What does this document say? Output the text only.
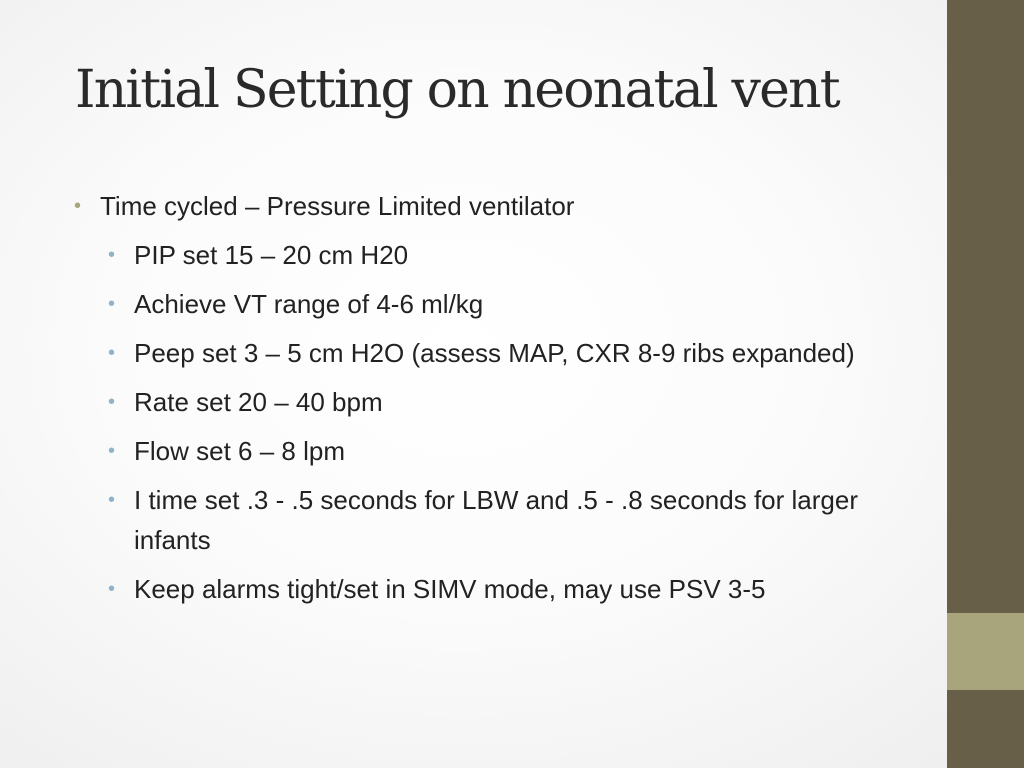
Initial Setting on neonatal vent
• Time cycled – Pressure Limited ventilator
• PIP set 15 – 20 cm H20
• Achieve VT range of 4-6 ml/kg
• Peep set 3 – 5 cm H2O (assess MAP, CXR 8-9 ribs expanded)
• Rate set 20 – 40 bpm
• Flow set 6 – 8 lpm
• I time set .3 - .5 seconds for LBW and .5 - .8 seconds for larger infants
• Keep alarms tight/set in SIMV mode, may use PSV 3-5
